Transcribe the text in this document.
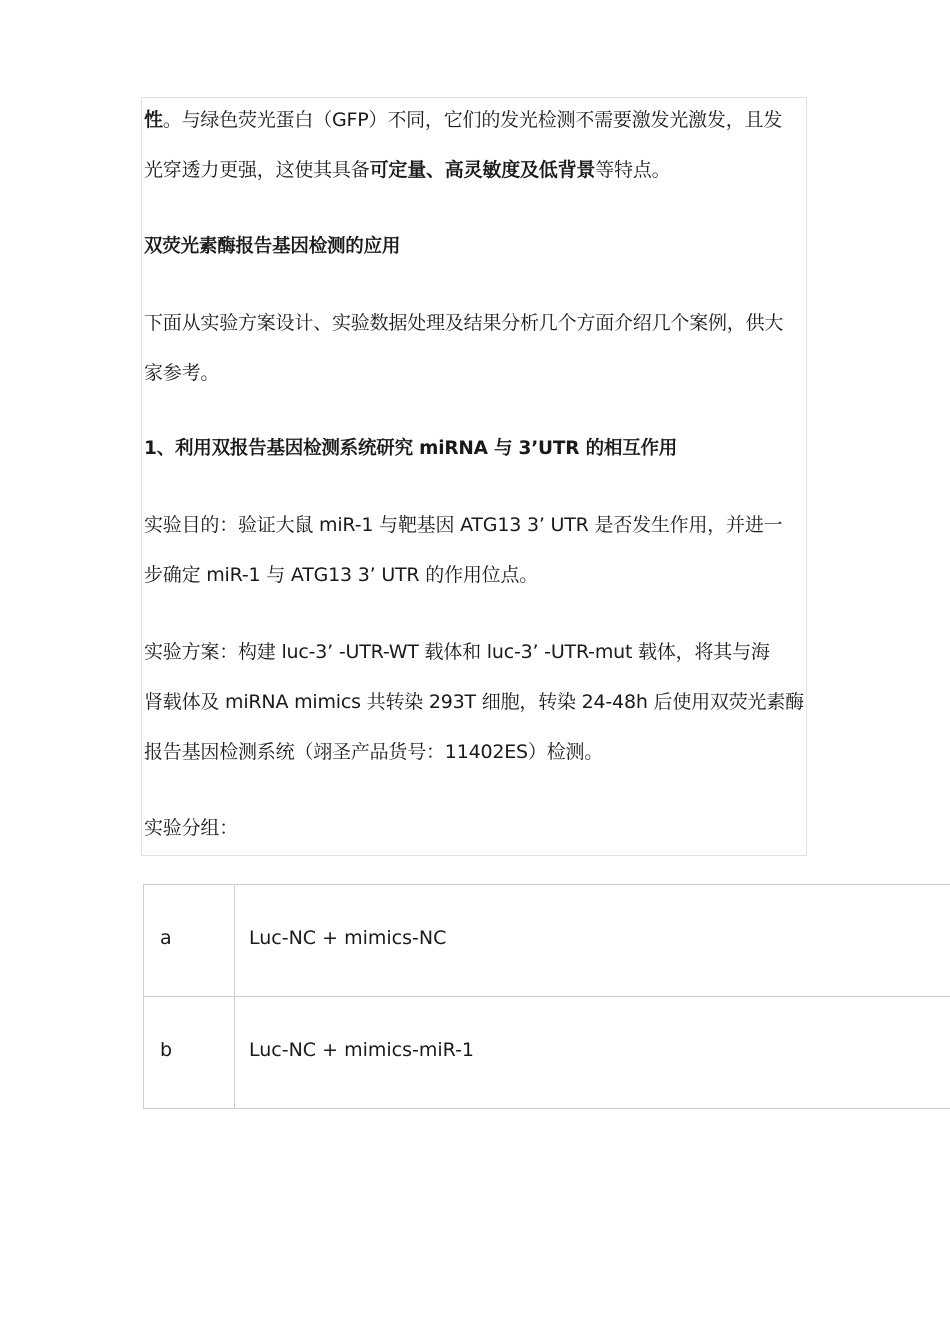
性。与绿色荧光蛋白（GFP）不同，它们的发光检测不需要激发光激发，且发
光穿透力更强，这使其具备可定量、高灵敏度及低背景等特点。
双荧光素酶报告基因检测的应用
下面从实验方案设计、实验数据处理及结果分析几个方面介绍几个案例，供大
家参考。
1、利用双报告基因检测系统研究 miRNA 与 3’UTR 的相互作用
实验目的：验证大鼠 miR-1 与靶基因 ATG13 3’ UTR 是否发生作用，并进一
步确定 miR-1 与 ATG13 3’ UTR 的作用位点。
实验方案：构建 luc-3’ -UTR-WT 载体和 luc-3’ -UTR-mut 载体，将其与海
肾载体及 miRNA mimics 共转染 293T 细胞，转染 24-48h 后使用双荧光素酶
报告基因检测系统（翊圣产品货号：11402ES）检测。
实验分组：
a	Luc-NC + mimics-NC
b	Luc-NC + mimics-miR-1
